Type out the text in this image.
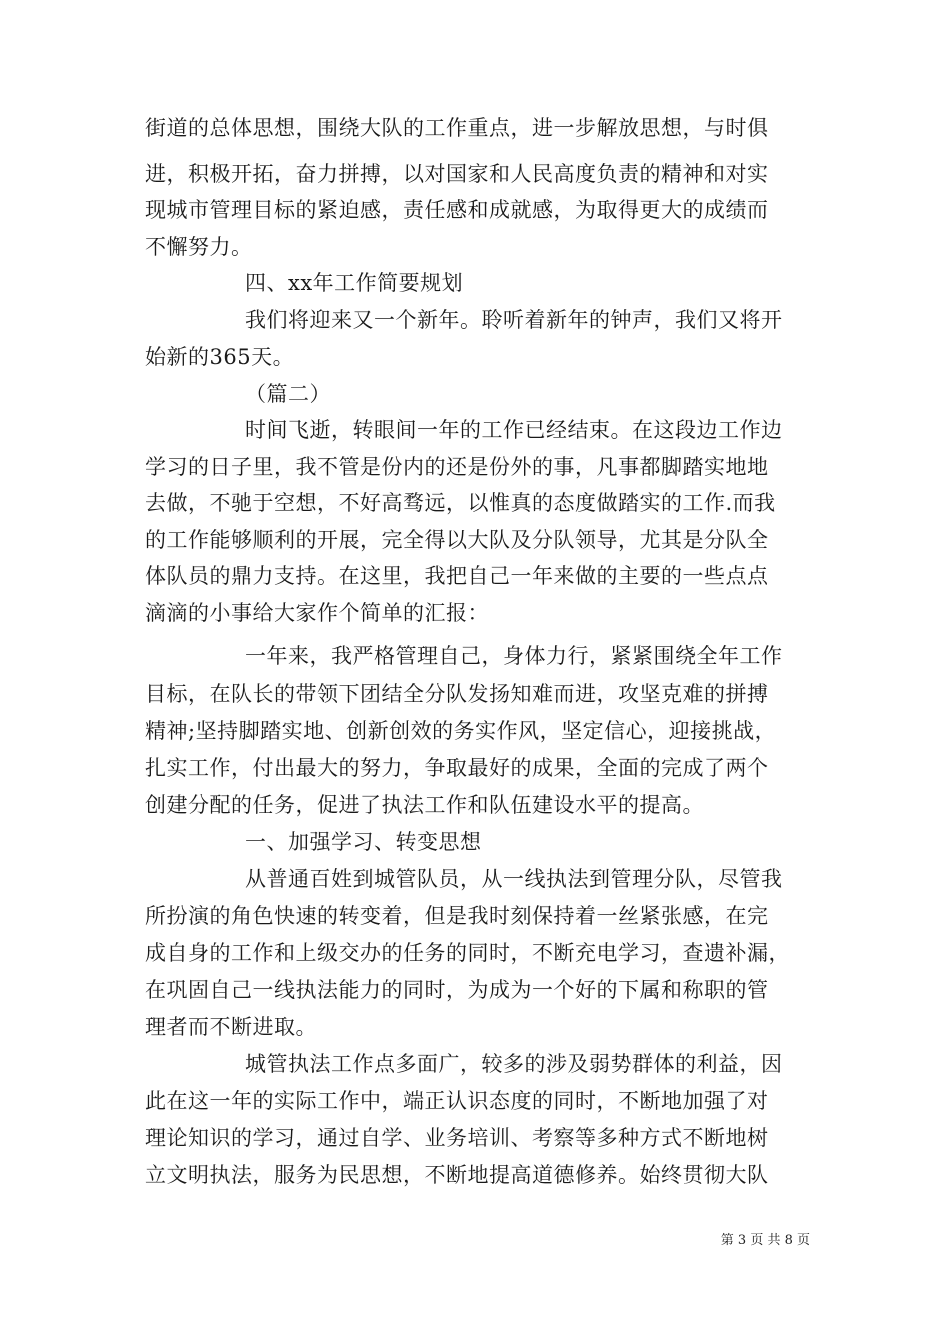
街道的总体思想，围绕大队的工作重点，进一步解放思想，与时俱
进，积极开拓，奋力拼搏，以对国家和人民高度负责的精神和对实
现城市管理目标的紧迫感，责任感和成就感，为取得更大的成绩而
不懈努力。
四、xx年工作简要规划
我们将迎来又一个新年。聆听着新年的钟声，我们又将开
始新的365天。
（篇二）
时间飞逝，转眼间一年的工作已经结束。在这段边工作边
学习的日子里，我不管是份内的还是份外的事，凡事都脚踏实地地
去做，不驰于空想，不好高骛远，以惟真的态度做踏实的工作.而我
的工作能够顺利的开展，完全得以大队及分队领导，尤其是分队全
体队员的鼎力支持。在这里，我把自己一年来做的主要的一些点点
滴滴的小事给大家作个简单的汇报：
一年来，我严格管理自己，身体力行，紧紧围绕全年工作
目标，在队长的带领下团结全分队发扬知难而进，攻坚克难的拼搏
精神;坚持脚踏实地、创新创效的务实作风，坚定信心，迎接挑战，
扎实工作，付出最大的努力，争取最好的成果，全面的完成了两个
创建分配的任务，促进了执法工作和队伍建设水平的提高。
一、加强学习、转变思想
从普通百姓到城管队员，从一线执法到管理分队，尽管我
所扮演的角色快速的转变着，但是我时刻保持着一丝紧张感，在完
成自身的工作和上级交办的任务的同时，不断充电学习，查遗补漏，
在巩固自己一线执法能力的同时，为成为一个好的下属和称职的管
理者而不断进取。
城管执法工作点多面广，较多的涉及弱势群体的利益，因
此在这一年的实际工作中，端正认识态度的同时，不断地加强了对
理论知识的学习，通过自学、业务培训、考察等多种方式不断地树
立文明执法，服务为民思想，不断地提高道德修养。始终贯彻大队
第 3 页 共 8 页
